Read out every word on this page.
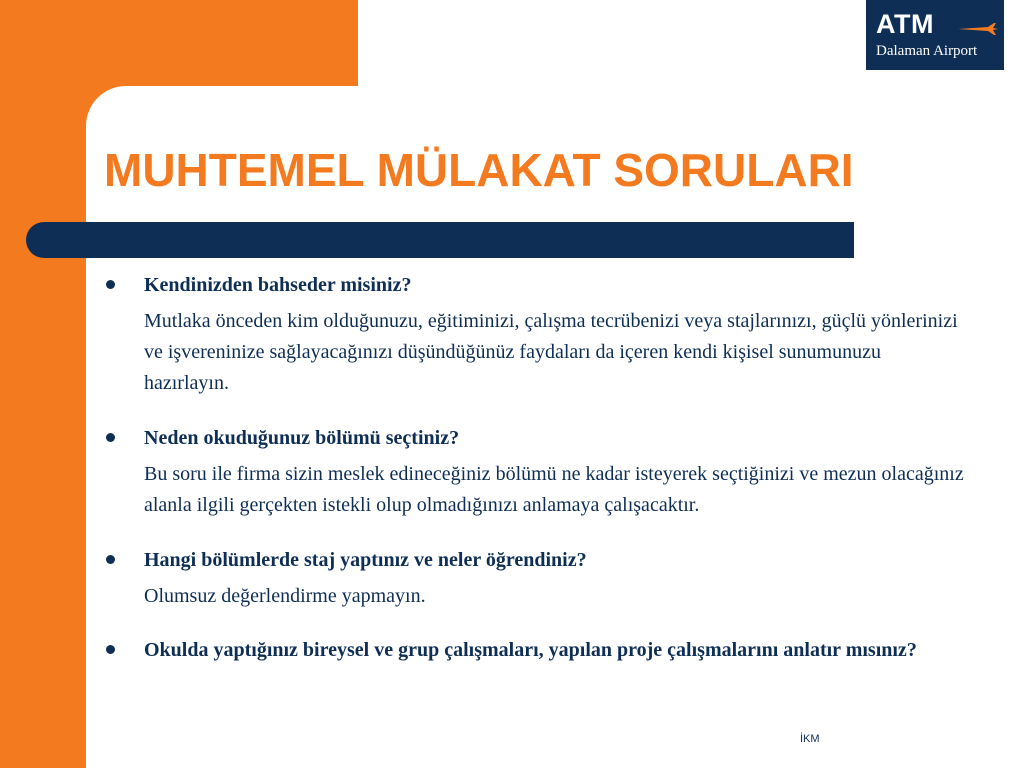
ATM
Dalaman Airport
MUHTEMEL MÜLAKAT SORULARI
Kendinizden bahseder misiniz?
Mutlaka önceden kim olduğunuzu, eğitiminizi, çalışma tecrübenizi veya stajlarınızı, güçlü yönlerinizi ve işvereninize sağlayacağınızı düşündüğünüz faydaları da içeren kendi kişisel sunumunuzu hazırlayın.
Neden okuduğunuz bölümü seçtiniz?
Bu soru ile firma sizin meslek edineceğiniz bölümü ne kadar isteyerek seçtiğinizi ve mezun olacağınız alanla ilgili gerçekten istekli olup olmadığınızı anlamaya çalışacaktır.
Hangi bölümlerde staj yaptınız ve neler öğrendiniz?
Olumsuz değerlendirme yapmayın.
Okulda yaptığınız bireysel ve grup çalışmaları, yapılan proje çalışmalarını anlatır mısınız?
İKM
